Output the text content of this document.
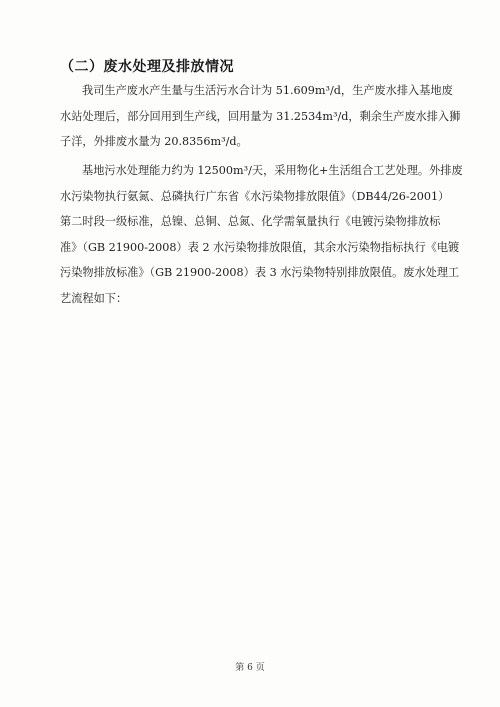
（二）废水处理及排放情况
我司生产废水产生量与生活污水合计为 51.609m³/d，生产废水排入基地废
水站处理后，部分回用到生产线，回用量为 31.2534m³/d，剩余生产废水排入狮
子洋，外排废水量为 20.8356m³/d。
基地污水处理能力约为 12500m³/天，采用物化+生活组合工艺处理。外排废
水污染物执行氨氮、总磷执行广东省《水污染物排放限值》（DB44/26-2001）
第二时段一级标准，总镍、总铜、总氮、化学需氧量执行《电镀污染物排放标
准》（GB 21900-2008）表 2 水污染物排放限值，其余水污染物指标执行《电镀
污染物排放标准》（GB 21900-2008）表 3 水污染物特别排放限值。废水处理工
艺流程如下：
第 6 页
